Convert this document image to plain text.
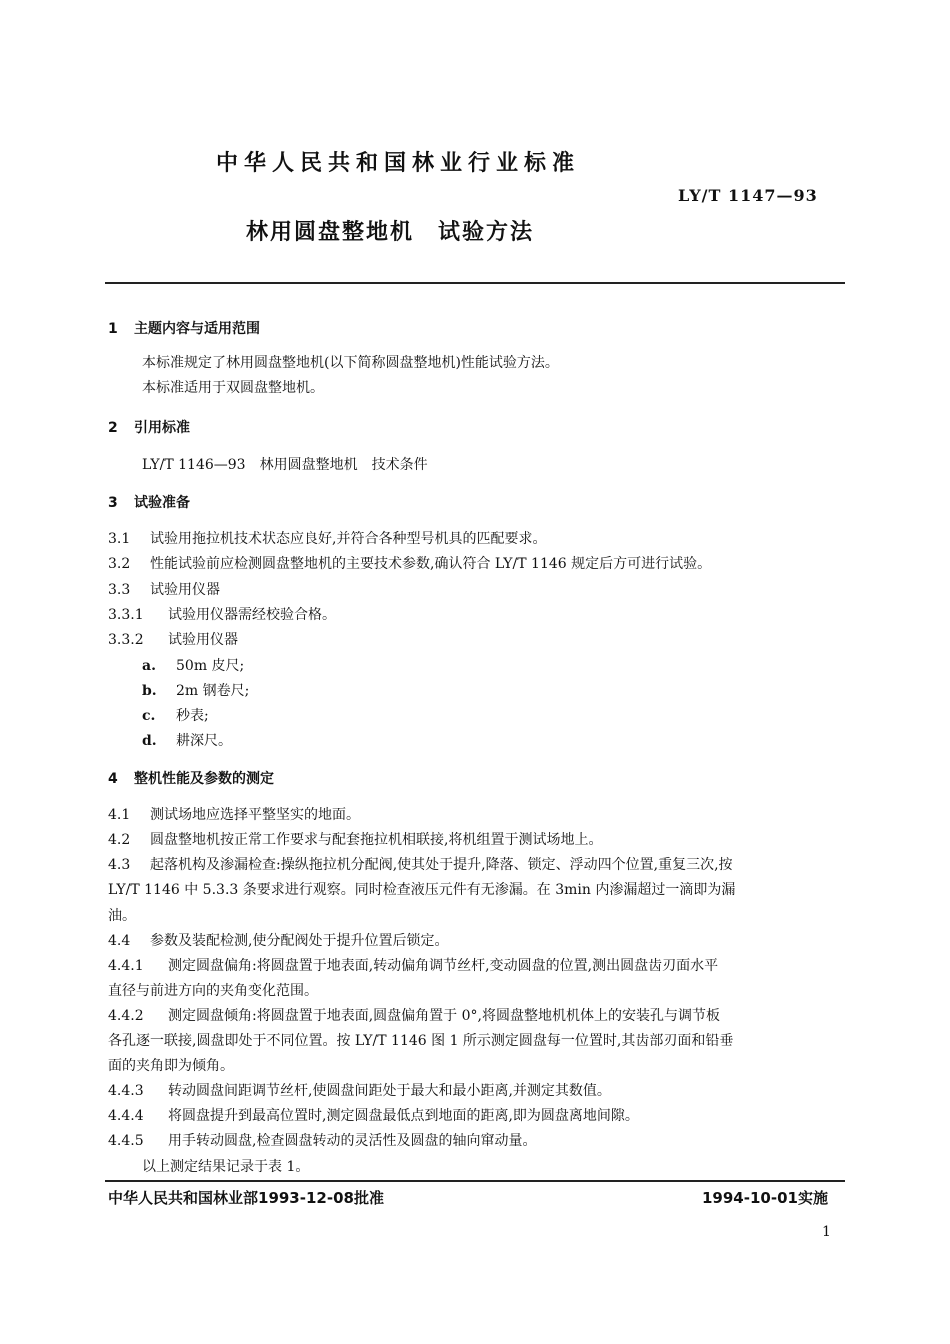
中华人民共和国林业行业标准
LY/T 1147—93
林用圆盘整地机　试验方法
1 主题内容与适用范围
本标准规定了林用圆盘整地机(以下简称圆盘整地机)性能试验方法。
本标准适用于双圆盘整地机。
2 引用标准
LY/T 1146—93　林用圆盘整地机　技术条件
3 试验准备
3.1 试验用拖拉机技术状态应良好,并符合各种型号机具的匹配要求。
3.2 性能试验前应检测圆盘整地机的主要技术参数,确认符合 LY/T 1146 规定后方可进行试验。
3.3 试验用仪器
3.3.1 试验用仪器需经校验合格。
3.3.2 试验用仪器
a. 50m 皮尺;
b. 2m 钢卷尺;
c. 秒表;
d. 耕深尺。
4 整机性能及参数的测定
4.1 测试场地应选择平整坚实的地面。
4.2 圆盘整地机按正常工作要求与配套拖拉机相联接,将机组置于测试场地上。
4.3 起落机构及渗漏检查:操纵拖拉机分配阀,使其处于提升,降落、锁定、浮动四个位置,重复三次,按
LY/T 1146 中 5.3.3 条要求进行观察。同时检查液压元件有无渗漏。在 3min 内渗漏超过一滴即为漏
油。
4.4 参数及装配检测,使分配阀处于提升位置后锁定。
4.4.1 测定圆盘偏角:将圆盘置于地表面,转动偏角调节丝杆,变动圆盘的位置,测出圆盘齿刃面水平
直径与前进方向的夹角变化范围。
4.4.2 测定圆盘倾角:将圆盘置于地表面,圆盘偏角置于 0°,将圆盘整地机机体上的安装孔与调节板
各孔逐一联接,圆盘即处于不同位置。按 LY/T 1146 图 1 所示测定圆盘每一位置时,其齿部刃面和铅垂
面的夹角即为倾角。
4.4.3 转动圆盘间距调节丝杆,使圆盘间距处于最大和最小距离,并测定其数值。
4.4.4 将圆盘提升到最高位置时,测定圆盘最低点到地面的距离,即为圆盘离地间隙。
4.4.5 用手转动圆盘,检查圆盘转动的灵活性及圆盘的轴向窜动量。
以上测定结果记录于表 1。
中华人民共和国林业部1993-12-08批准	1994-10-01实施
1
